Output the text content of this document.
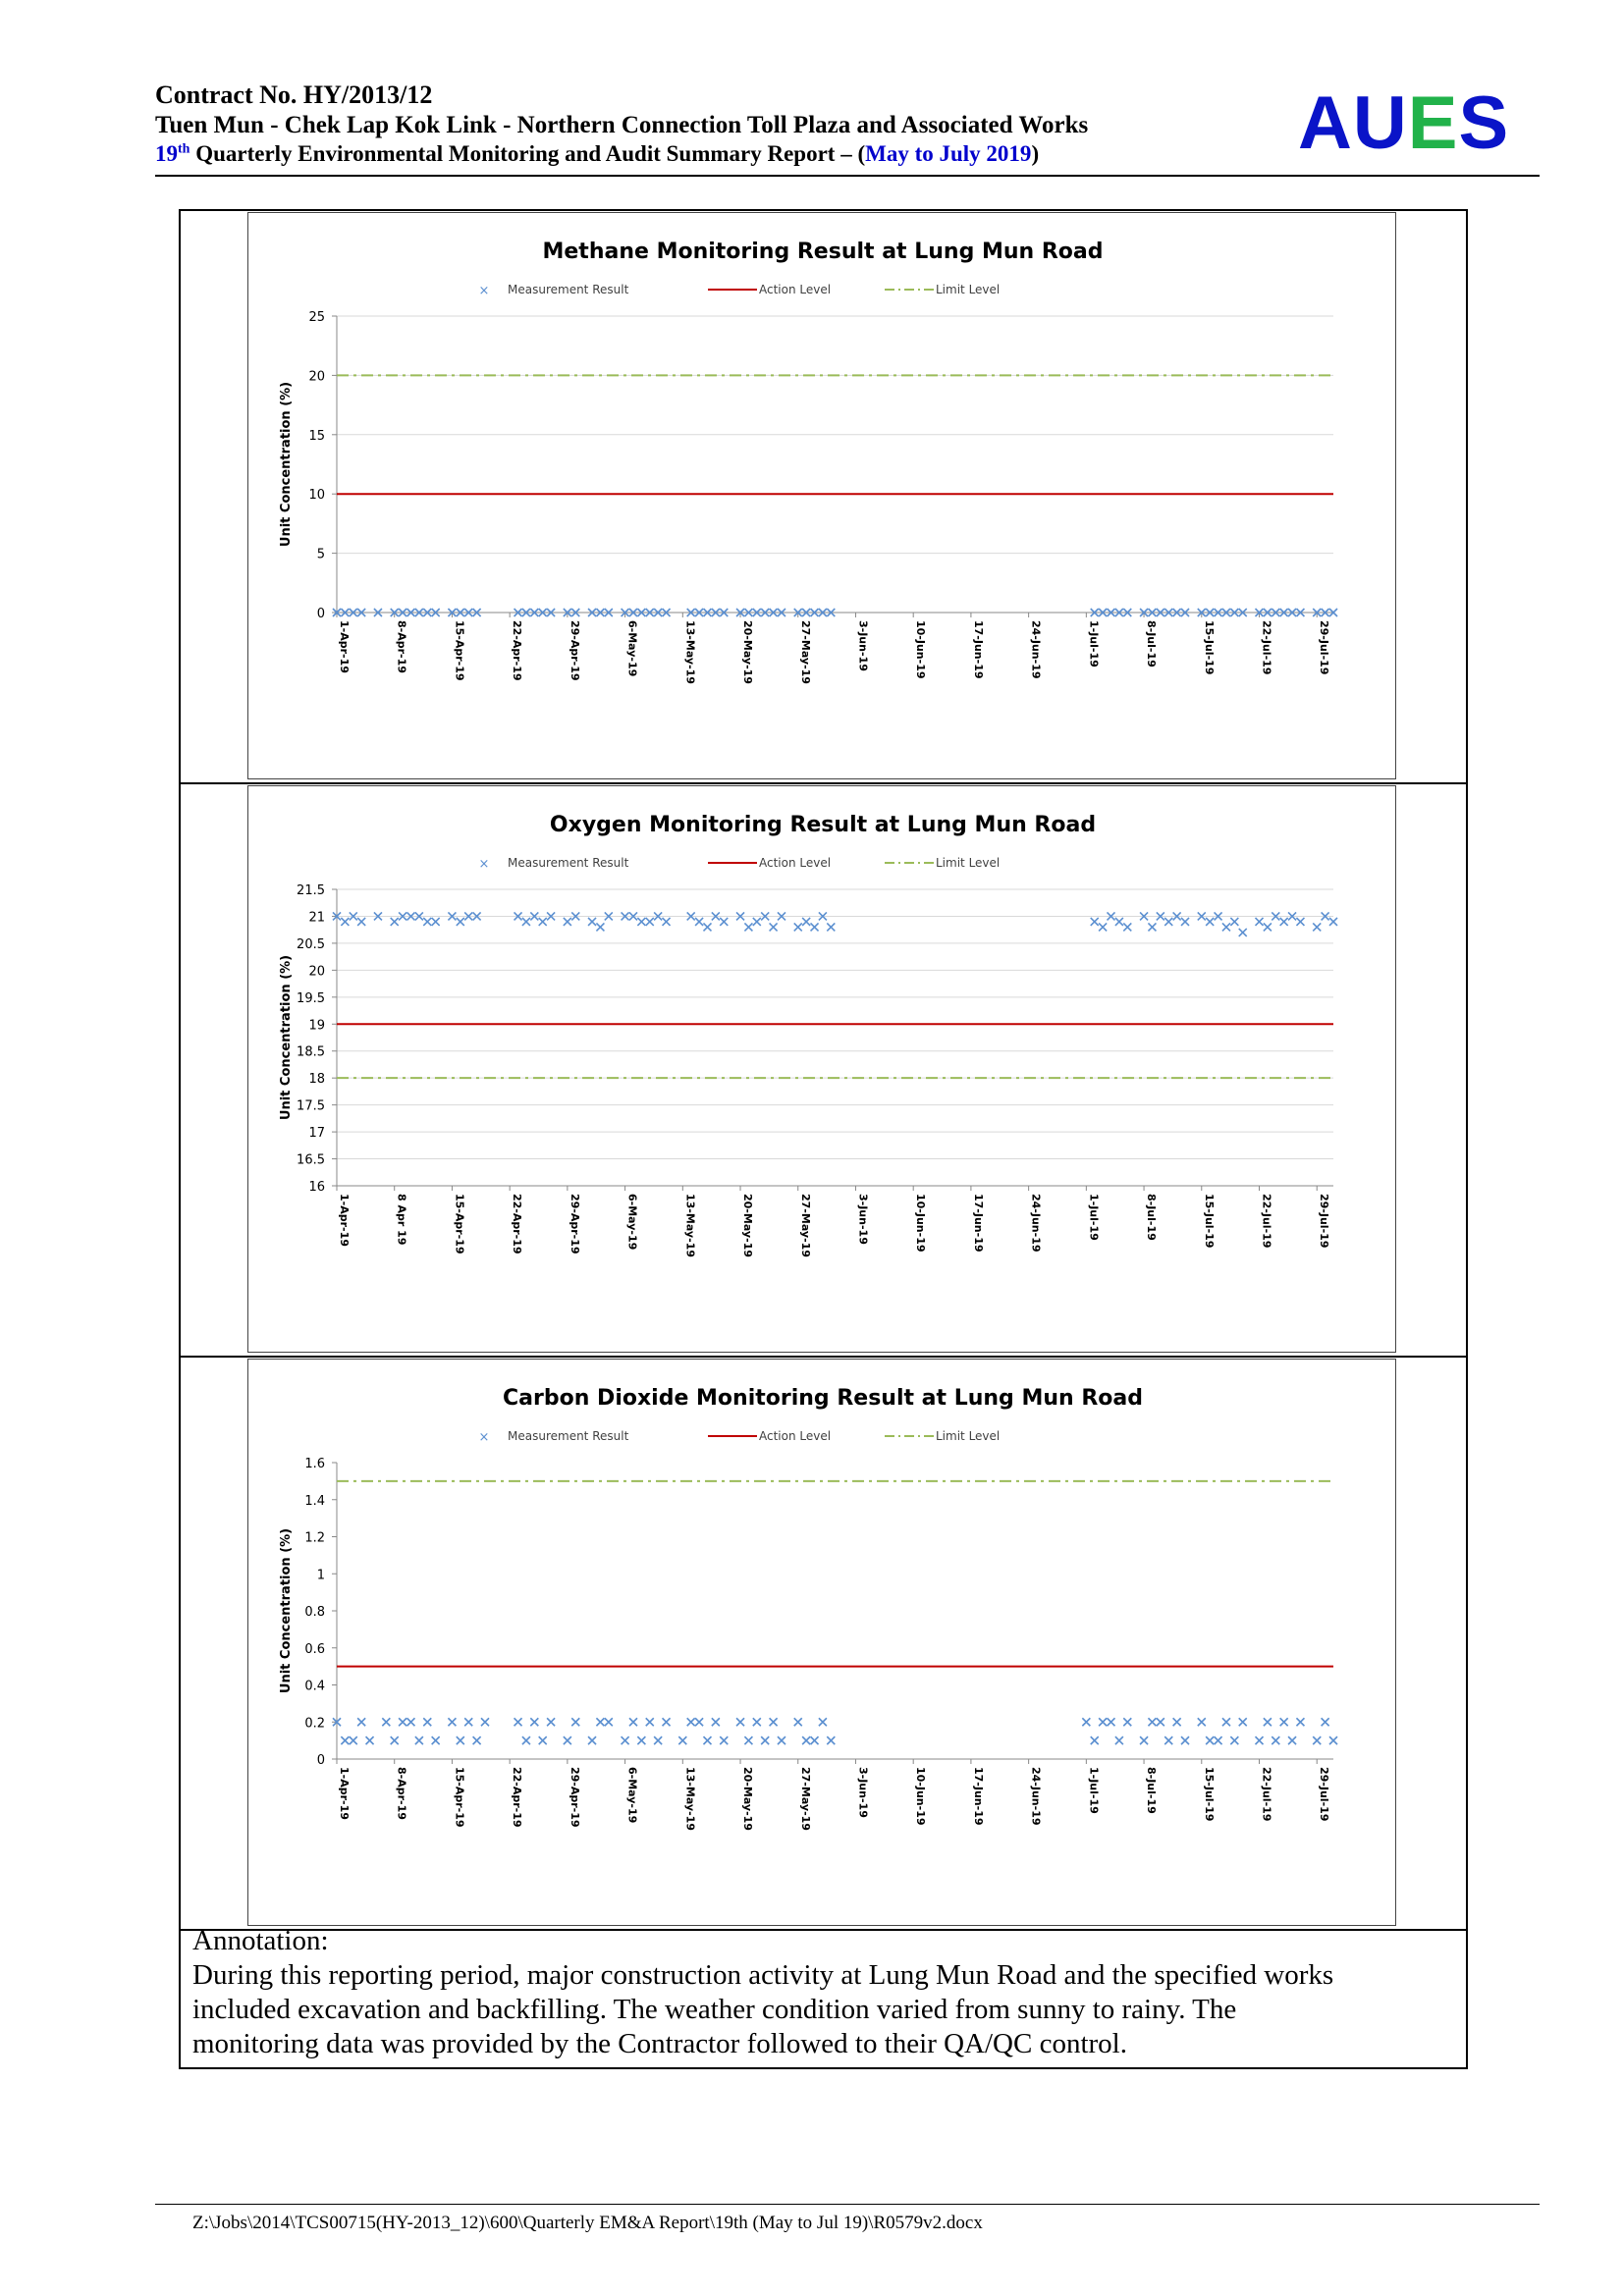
Contract No. HY/2013/12
Tuen Mun - Chek Lap Kok Link - Northern Connection Toll Plaza and Associated Works
19th Quarterly Environmental Monitoring and Audit Summary Report – (May to July 2019)	AUES
Methane Monitoring Result at Lung Mun Road
× Measurement Result	Action Level	Limit Level
0
5
10
15
20
25
Unit Concentration (%)
1-Apr-19	8-Apr-19	15-Apr-19	22-Apr-19	29-Apr-19	6-May-19	13-May-19	20-May-19	27-May-19	3-Jun-19	10-Jun-19	17-Jun-19	24-Jun-19	1-Jul-19	8-Jul-19	15-Jul-19	22-Jul-19	29-Jul-19
Oxygen Monitoring Result at Lung Mun Road
× Measurement Result	Action Level	Limit Level
16
16.5
17
17.5
18
18.5
19
19.5
20
20.5
21
21.5
Unit Concentration (%)
1-Apr-19	8 Apr 19	15-Apr-19	22-Apr-19	29-Apr-19	6-May-19	13-May-19	20-May-19	27-May-19	3-Jun-19	10-Jun-19	17-Jun-19	24-Jun-19	1-Jul-19	8-Jul-19	15-Jul-19	22-Jul-19	29-Jul-19
Carbon Dioxide Monitoring Result at Lung Mun Road
× Measurement Result	Action Level	Limit Level
0
0.2
0.4
0.6
0.8
1
1.2
1.4
1.6
Unit Concentration (%)
1-Apr-19	8-Apr-19	15-Apr-19	22-Apr-19	29-Apr-19	6-May-19	13-May-19	20-May-19	27-May-19	3-Jun-19	10-Jun-19	17-Jun-19	24-Jun-19	1-Jul-19	8-Jul-19	15-Jul-19	22-Jul-19	29-Jul-19
Annotation:
During this reporting period, major construction activity at Lung Mun Road and the specified works
included excavation and backfilling. The weather condition varied from sunny to rainy. The
monitoring data was provided by the Contractor followed to their QA/QC control.
Z:\Jobs\2014\TCS00715(HY-2013_12)\600\Quarterly EM&A Report\19th (May to Jul 19)\R0579v2.docx
